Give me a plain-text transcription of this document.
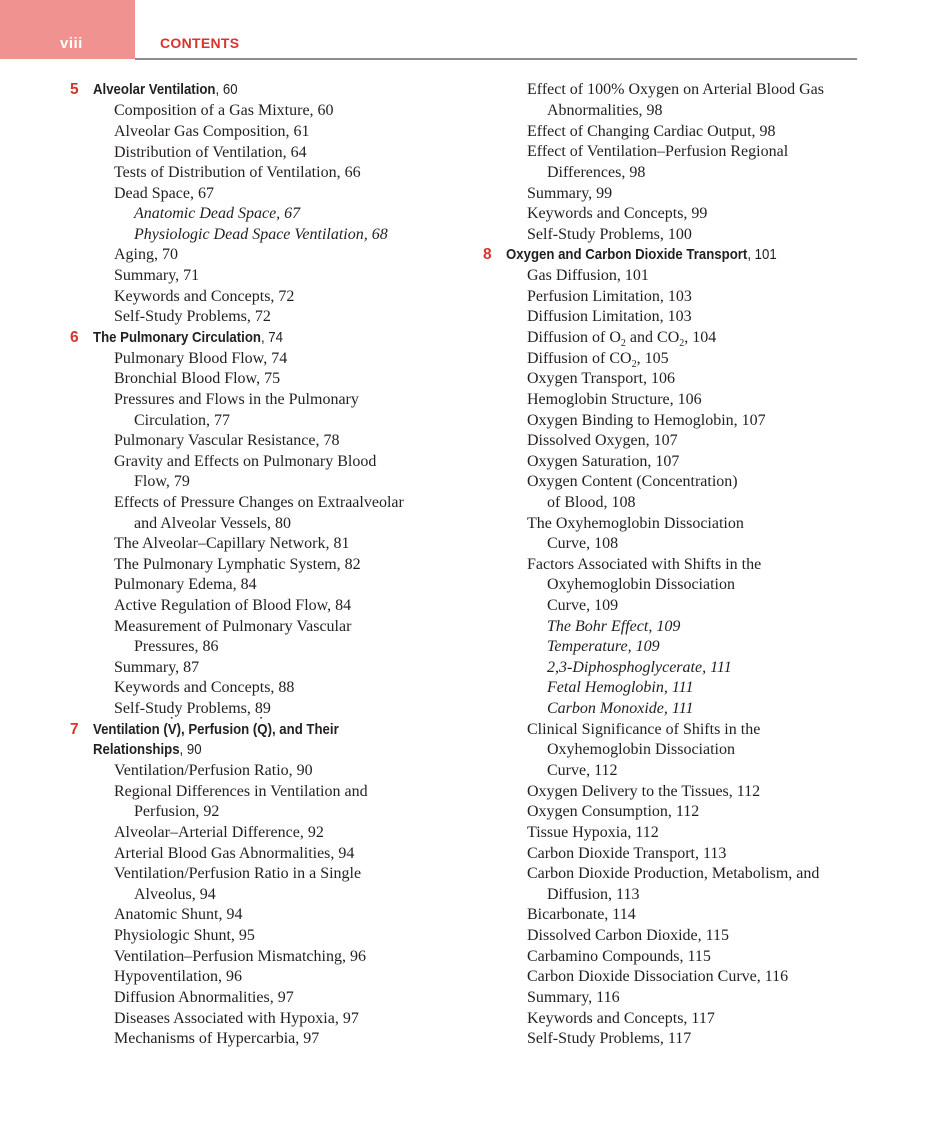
viii	CONTENTS
5 Alveolar Ventilation, 60
Composition of a Gas Mixture, 60
Alveolar Gas Composition, 61
Distribution of Ventilation, 64
Tests of Distribution of Ventilation, 66
Dead Space, 67
Anatomic Dead Space, 67
Physiologic Dead Space Ventilation, 68
Aging, 70
Summary, 71
Keywords and Concepts, 72
Self-Study Problems, 72
6 The Pulmonary Circulation, 74
Pulmonary Blood Flow, 74
Bronchial Blood Flow, 75
Pressures and Flows in the Pulmonary
Circulation, 77
Pulmonary Vascular Resistance, 78
Gravity and Effects on Pulmonary Blood
Flow, 79
Effects of Pressure Changes on Extraalveolar
and Alveolar Vessels, 80
The Alveolar–Capillary Network, 81
The Pulmonary Lymphatic System, 82
Pulmonary Edema, 84
Active Regulation of Blood Flow, 84
Measurement of Pulmonary Vascular
Pressures, 86
Summary, 87
Keywords and Concepts, 88
Self-Study Problems, 89
7 Ventilation (˙ V), Perfusion (˙ Q), and Their
Relationships, 90
Ventilation/Perfusion Ratio, 90
Regional Differences in Ventilation and
Perfusion, 92
Alveolar–Arterial Difference, 92
Arterial Blood Gas Abnormalities, 94
Ventilation/Perfusion Ratio in a Single
Alveolus, 94
Anatomic Shunt, 94
Physiologic Shunt, 95
Ventilation–Perfusion Mismatching, 96
Hypoventilation, 96
Diffusion Abnormalities, 97
Diseases Associated with Hypoxia, 97
Mechanisms of Hypercarbia, 97
Effect of 100% Oxygen on Arterial Blood Gas
Abnormalities, 98
Effect of Changing Cardiac Output, 98
Effect of Ventilation–Perfusion Regional
Differences, 98
Summary, 99
Keywords and Concepts, 99
Self-Study Problems, 100
8 Oxygen and Carbon Dioxide Transport, 101
Gas Diffusion, 101
Perfusion Limitation, 103
Diffusion Limitation, 103
Diffusion of $O_2$ and $CO_2$, 104
Diffusion of $CO_2$, 105
Oxygen Transport, 106
Hemoglobin Structure, 106
Oxygen Binding to Hemoglobin, 107
Dissolved Oxygen, 107
Oxygen Saturation, 107
Oxygen Content (Concentration)
of Blood, 108
The Oxyhemoglobin Dissociation
Curve, 108
Factors Associated with Shifts in the
Oxyhemoglobin Dissociation
Curve, 109
The Bohr Effect, 109
Temperature, 109
2,3-Diphosphoglycerate, 111
Fetal Hemoglobin, 111
Carbon Monoxide, 111
Clinical Significance of Shifts in the
Oxyhemoglobin Dissociation
Curve, 112
Oxygen Delivery to the Tissues, 112
Oxygen Consumption, 112
Tissue Hypoxia, 112
Carbon Dioxide Transport, 113
Carbon Dioxide Production, Metabolism, and
Diffusion, 113
Bicarbonate, 114
Dissolved Carbon Dioxide, 115
Carbamino Compounds, 115
Carbon Dioxide Dissociation Curve, 116
Summary, 116
Keywords and Concepts, 117
Self-Study Problems, 117
